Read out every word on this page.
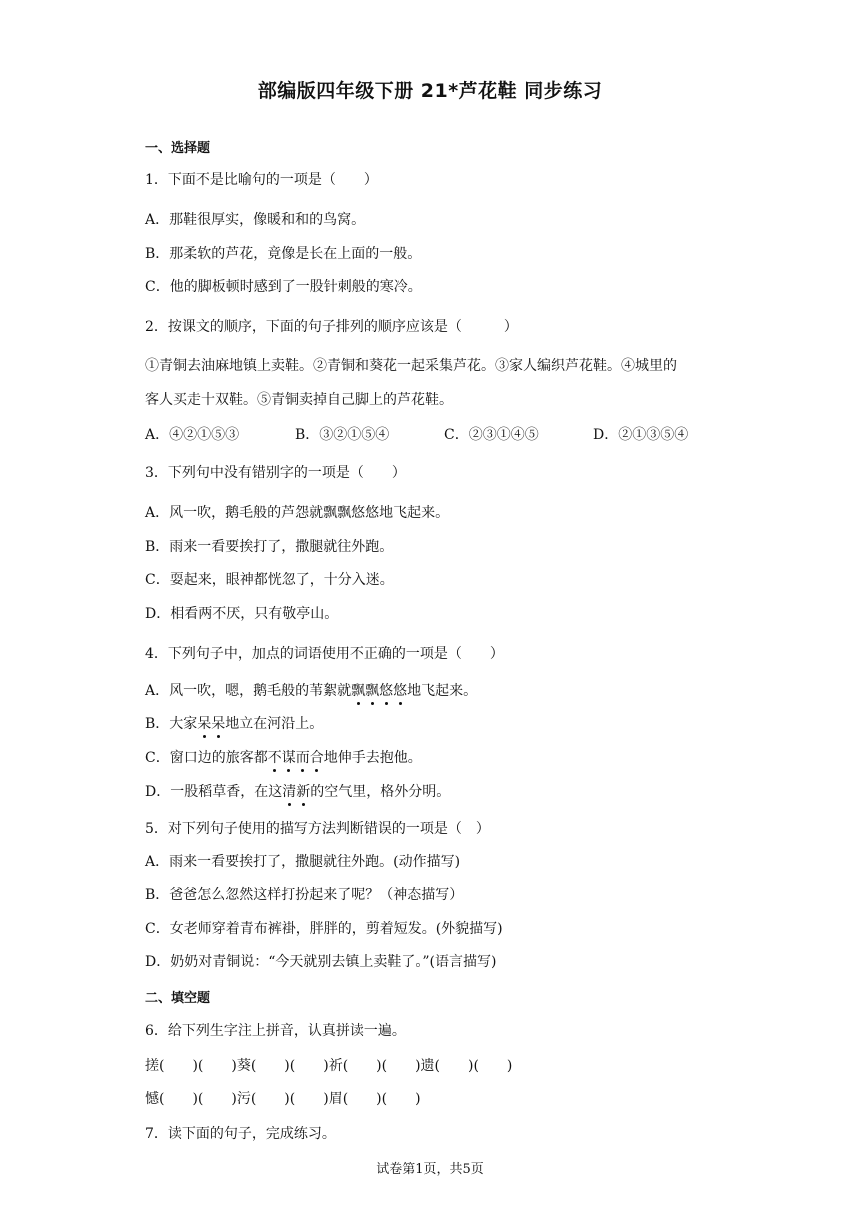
部编版四年级下册 21*芦花鞋 同步练习
一、选择题
1．下面不是比喻句的一项是（　　）
A．那鞋很厚实，像暖和和的鸟窝。
B．那柔软的芦花，竟像是长在上面的一般。
C．他的脚板顿时感到了一股针刺般的寒冷。
2．按课文的顺序，下面的句子排列的顺序应该是（　　　）
①青铜去油麻地镇上卖鞋。②青铜和葵花一起采集芦花。③家人编织芦花鞋。④城里的
客人买走十双鞋。⑤青铜卖掉自己脚上的芦花鞋。
A．④②①⑤③	B．③②①⑤④	C．②③①④⑤	D．②①③⑤④
3．下列句中没有错别字的一项是（　　）
A．风一吹，鹅毛般的芦怨就飘飘悠悠地飞起来。
B．雨来一看要挨打了，撒腿就往外跑。
C．耍起来，眼神都恍忽了，十分入迷。
D．相看两不厌，只有敬亭山。
4．下列句子中，加点的词语使用不正确的一项是（　　）
A．风一吹，嗯，鹅毛般的苇絮就飘飘悠悠地飞起来。
B．大家呆呆地立在河沿上。
C．窗口边的旅客都不谋而合地伸手去抱他。
D．一股稻草香，在这清新的空气里，格外分明。
5．对下列句子使用的描写方法判断错误的一项是（　）
A．雨来一看要挨打了，撒腿就往外跑。(动作描写)
B．爸爸怎么忽然这样打扮起来了呢？（神态描写）
C．女老师穿着青布裤褂，胖胖的，剪着短发。(外貌描写)
D．奶奶对青铜说：“今天就别去镇上卖鞋了。”(语言描写)
二、填空题
6．给下列生字注上拼音，认真拼读一遍。
搓(　　)(　　)葵(　　)(　　)祈(　　)(　　)遗(　　)(　　)
憾(　　)(　　)污(　　)(　　)眉(　　)(　　)
7．读下面的句子，完成练习。
试卷第1页，共5页
